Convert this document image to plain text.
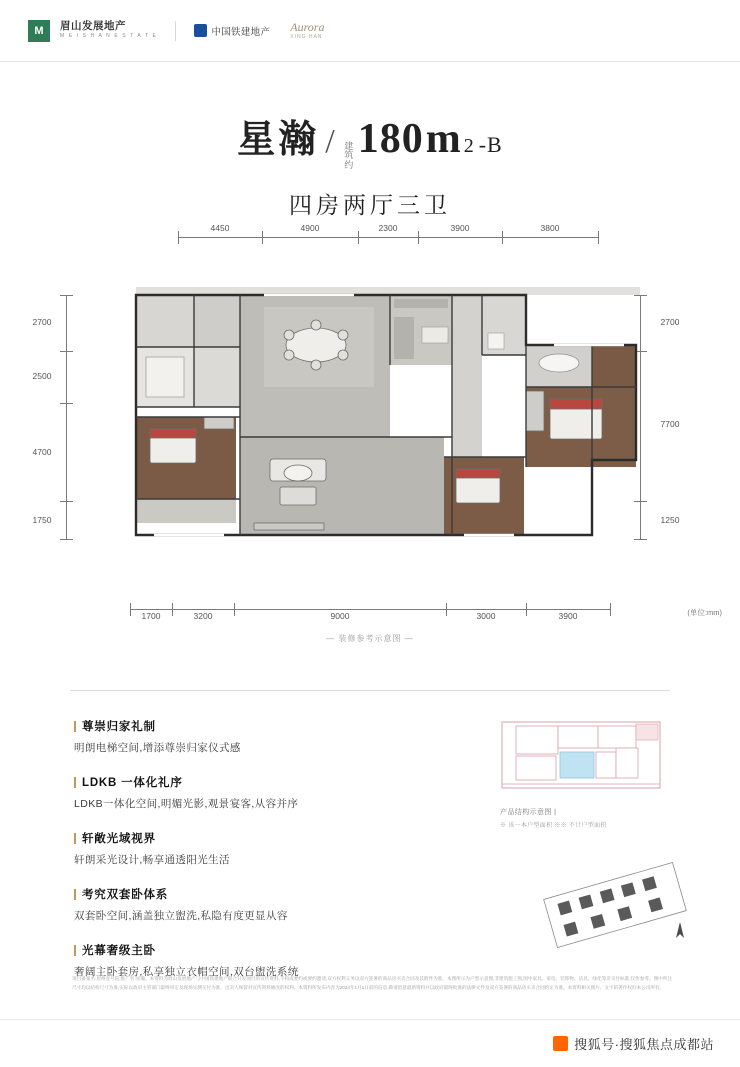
M	眉山发展地产
M E I S H A N E S T A T E	中国铁建地产 Aurora
XING HAN
星瀚 / 建筑约
180 m 2 -B
四房两厅三卫
4450	4900	2300	3900	3800
2700
2500
4700
1750
2700
7700
1250
1700	3200	9000	3000	3900	(单位:mm)
— 装修参考示意图 —
尊崇归家礼制
明朗电梯空间,增添尊崇归家仪式感
LDKB 一体化礼序
LDKB一体化空间,明媚光影,观景宴客,从容并序
轩敞光域视界
轩朗采光设计,畅享通透阳光生活
考究双套卧体系
双套卧空间,涵盖独立盥洗,私隐有度更显从容
光幕奢级主卧
奢阔主卧套房,私享独立衣帽空间,双台盥洗系统
产品结构示意图 |
※ 该一本户型面积 ※※ 不计户型面积
项目备案名:眉州壹号院;推广名:星瀚。本资料为眉山发展地产与中国铁建地产联合开发项目的宣传资料,不构成要约或要约邀请,双方权利义务以双方签署的商品房买卖合同及其附件为准。本图所示为户型示意图,非建筑施工图,图中家具、家电、装饰物、洁具、绿化等非交付标准,仅作参考。图中所注尺寸均以结构尺寸为准,实际以政府主管部门最终审定及现场实测交付为准。出卖人保留对宣传资料修改的权利。本资料所发布内容为2024年1月1日前的信息,敬请留意最新资料并以政府最终批准的法律文件及双方签署的商品房买卖合同约定为准。本资料相关图片、文字的著作权归本公司所有。
搜狐号·搜狐焦点成都站
